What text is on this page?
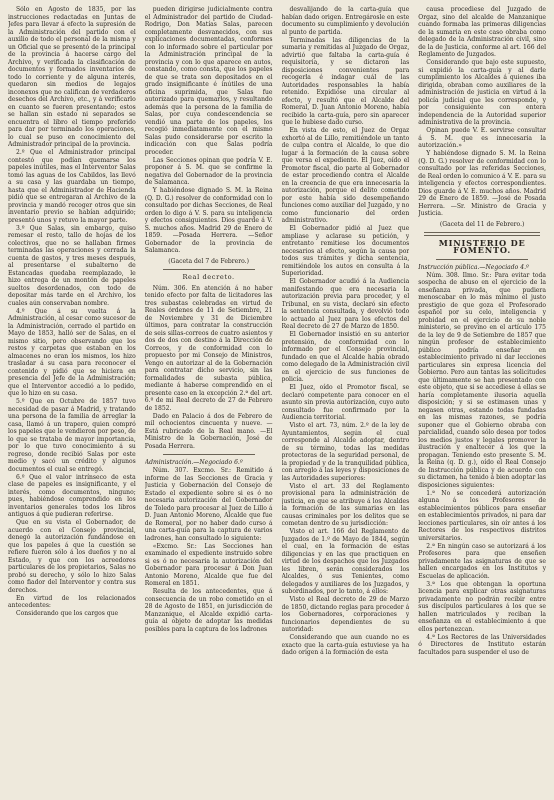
Sólo en Agosto de 1835, por las instrucciones redactadas en Juntas de Jefes para llevar á efecto la supresión de la Administración del partido con el auxilio de todo el personal de la misma y un Oficial que se presentó de la principal de la provincia á hacerse cargo del Archivo, y verificada la clasificación de documentos y formados inventarios de todo lo corriente y de alguna interés, quedaron sin medios de legajos inconexos que no califican de verdaderos desechos del Archivo, etc., y á verificarlo en cuanto se fueren presentando; estos se hallan sin estado ni separados se encuentra el libro el tiempo preferido para dar por terminado los operaciones, lo cual se puso en conocimiento del Administrador principal de la provincia.

2.º Que el Administrador principal contestó que podían quemarse los papeles inútiles, mas el Interventor Salas tomó las aguas de los Cabildos, las llevó a su casa y las guardaba un tiempo, hasta que el Administrador de Hacienda pidió que se entregaran al Archivo de la provincia y mandó recoger otros que sin inventario previo se habían adquirido; presentó unos y retuvo la mayor parte.

3.º Que Salas, sin embargo, quiso remesar el resto, tallo de hojas de los colectivos, que no se hallaban firmes terminadas las operaciones y cerrada la cuenta de gastos, y tres meses después, al presentarse el subalterno de Estancadas quedaba reemplazado, le hizo entrega de un montón de papeles sueltos desordenados, con todo de depositar más tarde en el Archivo, los cuales aún conservaban nombre.

4.º Que á su vuelta á la Administración, al cesar como sucesor de la Administración, cerrado el partido en Mayo de 1853, halló ser de Salas, en el mismo sitio, pero observando que los restos y carpetas que estaban en los almacenes no eran los mismos, los hizo trasladar á su casa para reconocer el contenido y pidió que se hiciera en presencia del Jefe de la Administración; que el Interventor accedió a lo pedido, que lo hizo en su casa.

5.º Que en Octubre de 1857 tuvo necesidad de pasar á Madrid, y tratando una persona de la familia de arreglar la casa, llamó á un trapero, quien compró los papeles que le vendieron por peso, de lo que se trataba de mayor importancia, por lo que tuvo conocimiento á su regreso, donde recibió Salas por este medio y sacó un crédito y algunos documentos el cual se entregó.

6.º Que el valor intrínseco de esta clase de papeles es insignificante, y el interés, como documentos, ninguno; pues, habiéndose comprendido en los inventarios generales todos los libros antiguos á que pudieran referirse.

Que en su vista el Gobernador, de acuerdo con el Consejo provincial, denegó la autorización fundándose en que los papeles á que la cuestión se refiere fueron sólo á los dueños y no al Estado, y que con los acreedores particulares de los propietarios, Salas no probó su derecho, y sólo lo hizo Salas como fiador del Interventor y contra sus derechos.

En virtud de los relacionados antecedentes:

Considerando que los cargos que

pueden dirigirse judicialmente contra el Administrador del partido de Ciudad-Rodrigo, Don Matías Salas, parecen completamente desvanecidos, con sus explicaciones documentadas, conformes con lo informado sobre el particular por la Administración principal de la provincia y con lo que aparece en autos, constando, como consta, que los papeles de que se trata son depositados en el grado insignificante é inútiles de una oficina suprimida, que Salas fue autorizado para quemarlos, y resultando además que la persona de la familia de Salas, por cuya condescendencia se vendió una parte de los papeles, los recogió inmediatamente con el mismo Salas pudo considerarse por escrito la indicación con que Salas podría proceder.

Las Secciones opinan que podría V. E. proponer á S. M. que se confirme la negativa del Gobernador de la provincia de Salamanca.

Y habiéndose dignado S. M. la Reina (Q. D. G.) resolver de conformidad con lo consultado por dichas Secciones, de Real orden lo digo á V. S. para su inteligencia y efectos consiguientes. Dios guarde á V. S. muchos años. Madrid 29 de Enero de 1859. —Posada Herrera. —Señor Gobernador de la provincia de Salamanca.

(Gaceta del 7 de Febrero.)

Real decreto.

Núm. 306. En atención á no haber tenido efecto por falta de licitadores las tres subastas celebradas en virtud de Reales órdenes de 11 de Setiembre, 21 de Noviembre y 31 de Diciembre últimos, para contratar la construcción de seis sillas-correos de cuatro asientos y dos de dos con destino á la Dirección de Correos, y de conformidad con lo propuesto por mi Consejo de Ministros, Vengo en autorizar al de la Gobernación para contratar dicho servicio, sin las formalidades de subasta pública, mediante á haberse comprendido en el presente caso en la excepción 2.ª del art. 6.º de mi Real decreto de 27 de Febrero de 1852.

Dado en Palacio á dos de Febrero de mil ochocientos cincuenta y nueve. —Está rubricado de la Real mano. —El Ministro de la Gobernación, José de Posada Herrera.

Administración.—Negociado 6.º

Núm. 307. Excmo. Sr.: Remitido á informe de las Secciones de Gracia y Justicia y Gobernación del Consejo de Estado el expediente sobre si es ó no necesaria autorización del Gobernador de Toledo para procesar al Juez de Lillo á D. Juan Antonio Moreno, Alcalde que fue de Romeral, por no haber dado curso á una carta-guía para la captura de varios ladrones, han consultado lo siguiente:

«Excmo. Sr.: Las Secciones han examinado el expediente instruido sobre si es ó no necesaria la autorización del Gobernador para procesar á Don Juan Antonio Moreno, Alcalde que fue del Romeral en 1851.

Resulta de los antecedentes, que á consecuencia de un robo cometido en el 28 de Agosto de 1851, en jurisdicción de Manzanique, el Alcalde expidió carta-guía al objeto de adoptar las medidas posibles para la captura de los ladrones

desvalijando de la carta-guía que habían dado origen. Entregárosle en este documento su cumplimiento y devolución al punto de partida.

Terminadas las diligencias de la sumaria y remitidas al Juzgado de Orgaz, advirtió que faltaba la carta-guía é requisitoria, y se dictaron las disposiciones convenientes para recogerla é indagar cuál de las Autoridades responsables la había retenido. Expidióse una circular al efecto, y resultó que el Alcalde del Romeral, D. Juan Antonio Moreno, había recibido la carta-guía, pero sin aparecer que le hubiese dado curso.

En vista de esto, el Juez de Orgaz exhortó al de Lillo, remitiéndole un tanto de culpa contra el Alcalde, lo que dio lugar á la formación de la causa sobre que versa el expediente. El Juez, oído el Promotor fiscal, dio parte al Gobernador de estar procediendo contra el Alcalde en la creencia de que era innecesaria la autorización, porque el delito cometido por este había sido desempeñando funciones como auxiliar del Juzgado, y no como funcionario del orden administrativo.

El Gobernador pidió al Juez que ampliase y aclarase su petición, y entretanto remitiese los documentos necesarios al efecto, según la causa por todos sus trámites y dicha sentencia, remitiéndole los autos en consulta á la Superioridad.

El Gobernador acudió á la Audiencia manifestando que era necesaria la autorización previa para proceder, y el Tribunal, en su vista, declaró sin efecto la sentencia consultada, y devolvió todo lo actuado al Juez para los efectos del Real decreto de 27 de Marzo de 1850.

El Gobernador insistió en su anterior pretensión, de conformidad con lo informado por el Consejo provincial, fundado en que el Alcalde había obrado como delegado de la Administración civil en el ejercicio de sus funciones de policía.

El Juez, oído el Promotor fiscal, se declaró competente para conocer en el asunto sin previa autorización, cuyo auto consultado fue confirmado por la Audiencia territorial.

Visto el art. 73, núm. 2.º de la ley de Ayuntamientos, según el cual corresponde al Alcalde adoptar, dentro de su término, todas las medidas protectoras de la seguridad personal, de la propiedad y de la tranquilidad pública, con arreglo á las leyes y disposiciones de las Autoridades superiores:

Visto el art. 33 del Reglamento provisional para la administración de justicia, en que se atribuye á los Alcaldes la formación de las sumarias en las causas criminales por los delitos que se cometan dentro de su jurisdicción:

Visto el art. 166 del Reglamento de Juzgados de 1.º de Mayo de 1844, según el cual, en la formación de estas diligencias y en las que practiquen en virtud de los despachos que los Juzgados les libren, serán considerados los Alcaldes, ó sus Tenientes, como delegados y auxiliares de los Juzgados, y subordinados, por lo tanto, á ellos:

Visto el Real decreto de 29 de Marzo de 1850, dictando reglas para proceder á los Gobernadores, corporaciones y funcionarios dependientes de su autoridad:

Considerando que aun cuando no es exacto que la carta-guía estuviese ya ha dado origen á la formación de esta

causa procediese del Juzgado de Orgaz, sino del alcalde de Manzanique cuando formaba las primeras diligencias de la sumaria en este caso obraba como delegado de la Administración civil, sino de la de Justicia, conforme al art. 166 del Reglamento de Juzgados.

Considerando que bajo este supuesto, si expidió la carta-guía y al darle cumplimiento los Alcaldes á quienes iba dirigida, obraban como auxiliares de la administración de justicia en virtud á la policía judicial que les corresponde, y por consiguiente con entera independencia de la Autoridad superior administrativa de la provincia.

Opinan puede V. E. servirse consultar á S. M. que es innecesaria la autorización.»

Y habiéndose dignado S. M. la Reina (Q. D. G.) resolver de conformidad con lo consultado por las referidas Secciones, de Real orden lo comunico á V. E. para su inteligencia y efectos correspondientes. Dios guarde á V. E. muchos años. Madrid 29 de Enero de 1859. —José de Posada Herrera. —Sr. Ministro de Gracia y Justicia.

(Gaceta del 11 de Febrero.)

MINISTERIO DE FOMENTO.

Instrucción pública.—Negociado 4.º

Núm. 308. Ilmo. Sr.: Para evitar toda sospecha de abuso en el ejercicio de la enseñanza privada, que pudiera menoscabar en lo más mínimo el justo prestigio de que goza el Profesorado español por su celo, inteligencia y probidad en el ejercicio de su noble ministerio, se previno en el artículo 175 de la ley de 9 de Setiembre de 1857 que ningún profesor de establecimiento público podría enseñar en establecimiento privado ni dar lecciones particulares sin expresa licencia del Gobierno. Pero aun tantas las solicitudes que últimamente se han presentado con este objeto, que si se accediese á ellas se haría completamente ilusoria aquella disposición; y si se estimasen unas y negasen otras, estando todas fundadas en las mismas razones, se podría suponer que el Gobierno obraba con parcialidad, cuando sólo desea por todos los medios justos y legales promover la ilustración y enaltecer á los que la propagan. Teniendo esto presente S. M. la Reina (q. D. g.), oído el Real Consejo de Instrucción pública y de acuerdo con su dictamen, ha tenido á bien adoptar las disposiciones siguientes:

1.ª No se concederá autorización alguna á los Profesores de establecimientos públicos para enseñar en establecimientos privados, ni para dar lecciones particulares, sin oír antes á los Rectores de los respectivos distritos universitarios.

2.ª En ningún caso se autorizará á los Profesores para que enseñen privadamente las asignaturas de que se hallen encargados en los Institutos y Escuelas de aplicación.

3.ª Los que obtengan la oportuna licencia para explicar otras asignaturas privadamente no podrán recibir entre sus discípulos particulares á los que se hallen matriculados y reciban la enseñanza en el establecimiento á que ellos pertenezcan.

4.ª Los Rectores de las Universidades ó Directores de Instituto estarán facultados para suspender el uso de
